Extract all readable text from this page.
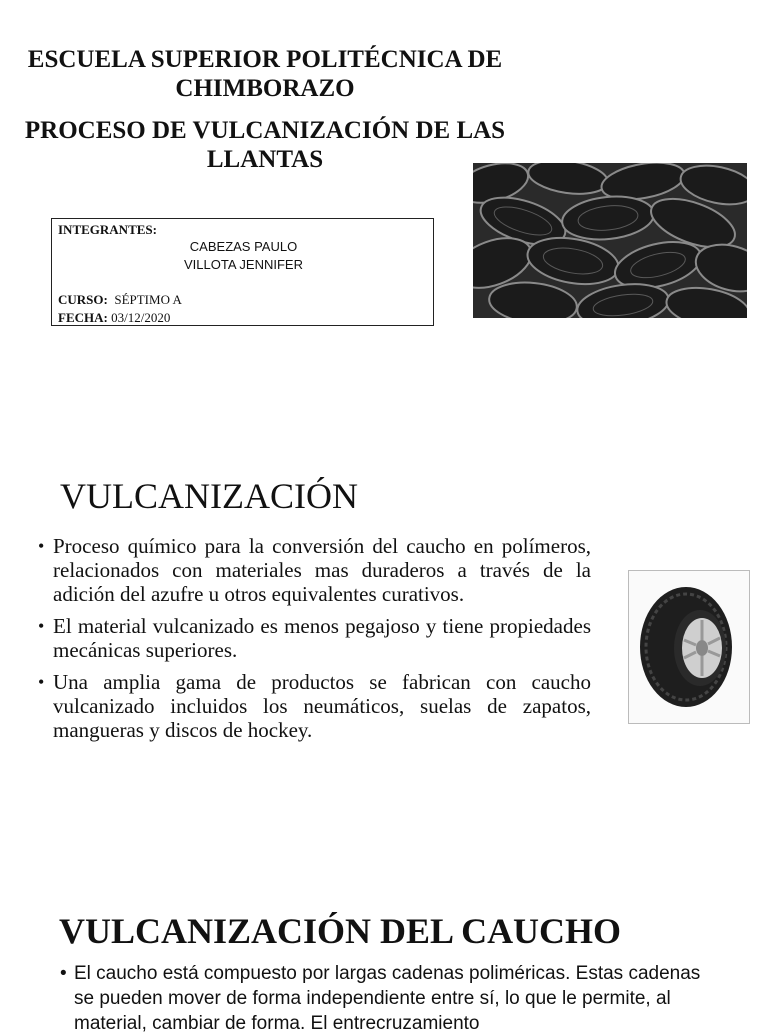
ESCUELA SUPERIOR POLITÉCNICA DE CHIMBORAZO
PROCESO DE VULCANIZACIÓN DE LAS LLANTAS
INTEGRANTES:
CABEZAS PAULO
VILLOTA JENNIFER
CURSO: SÉPTIMO A
FECHA: 03/12/2020
VULCANIZACIÓN
• Proceso químico para la conversión del caucho en polímeros, relacionados con materiales mas duraderos a través de la adición del azufre u otros equivalentes curativos.
• El material vulcanizado es menos pegajoso y tiene propiedades mecánicas superiores.
• Una amplia gama de productos se fabrican con caucho vulcanizado incluidos los neumáticos, suelas de zapatos, mangueras y discos de hockey.
VULCANIZACIÓN DEL CAUCHO
• El caucho está compuesto por largas cadenas poliméricas. Estas cadenas se pueden mover de forma independiente entre sí, lo que le permite, al material, cambiar de forma. El entrecruzamiento
